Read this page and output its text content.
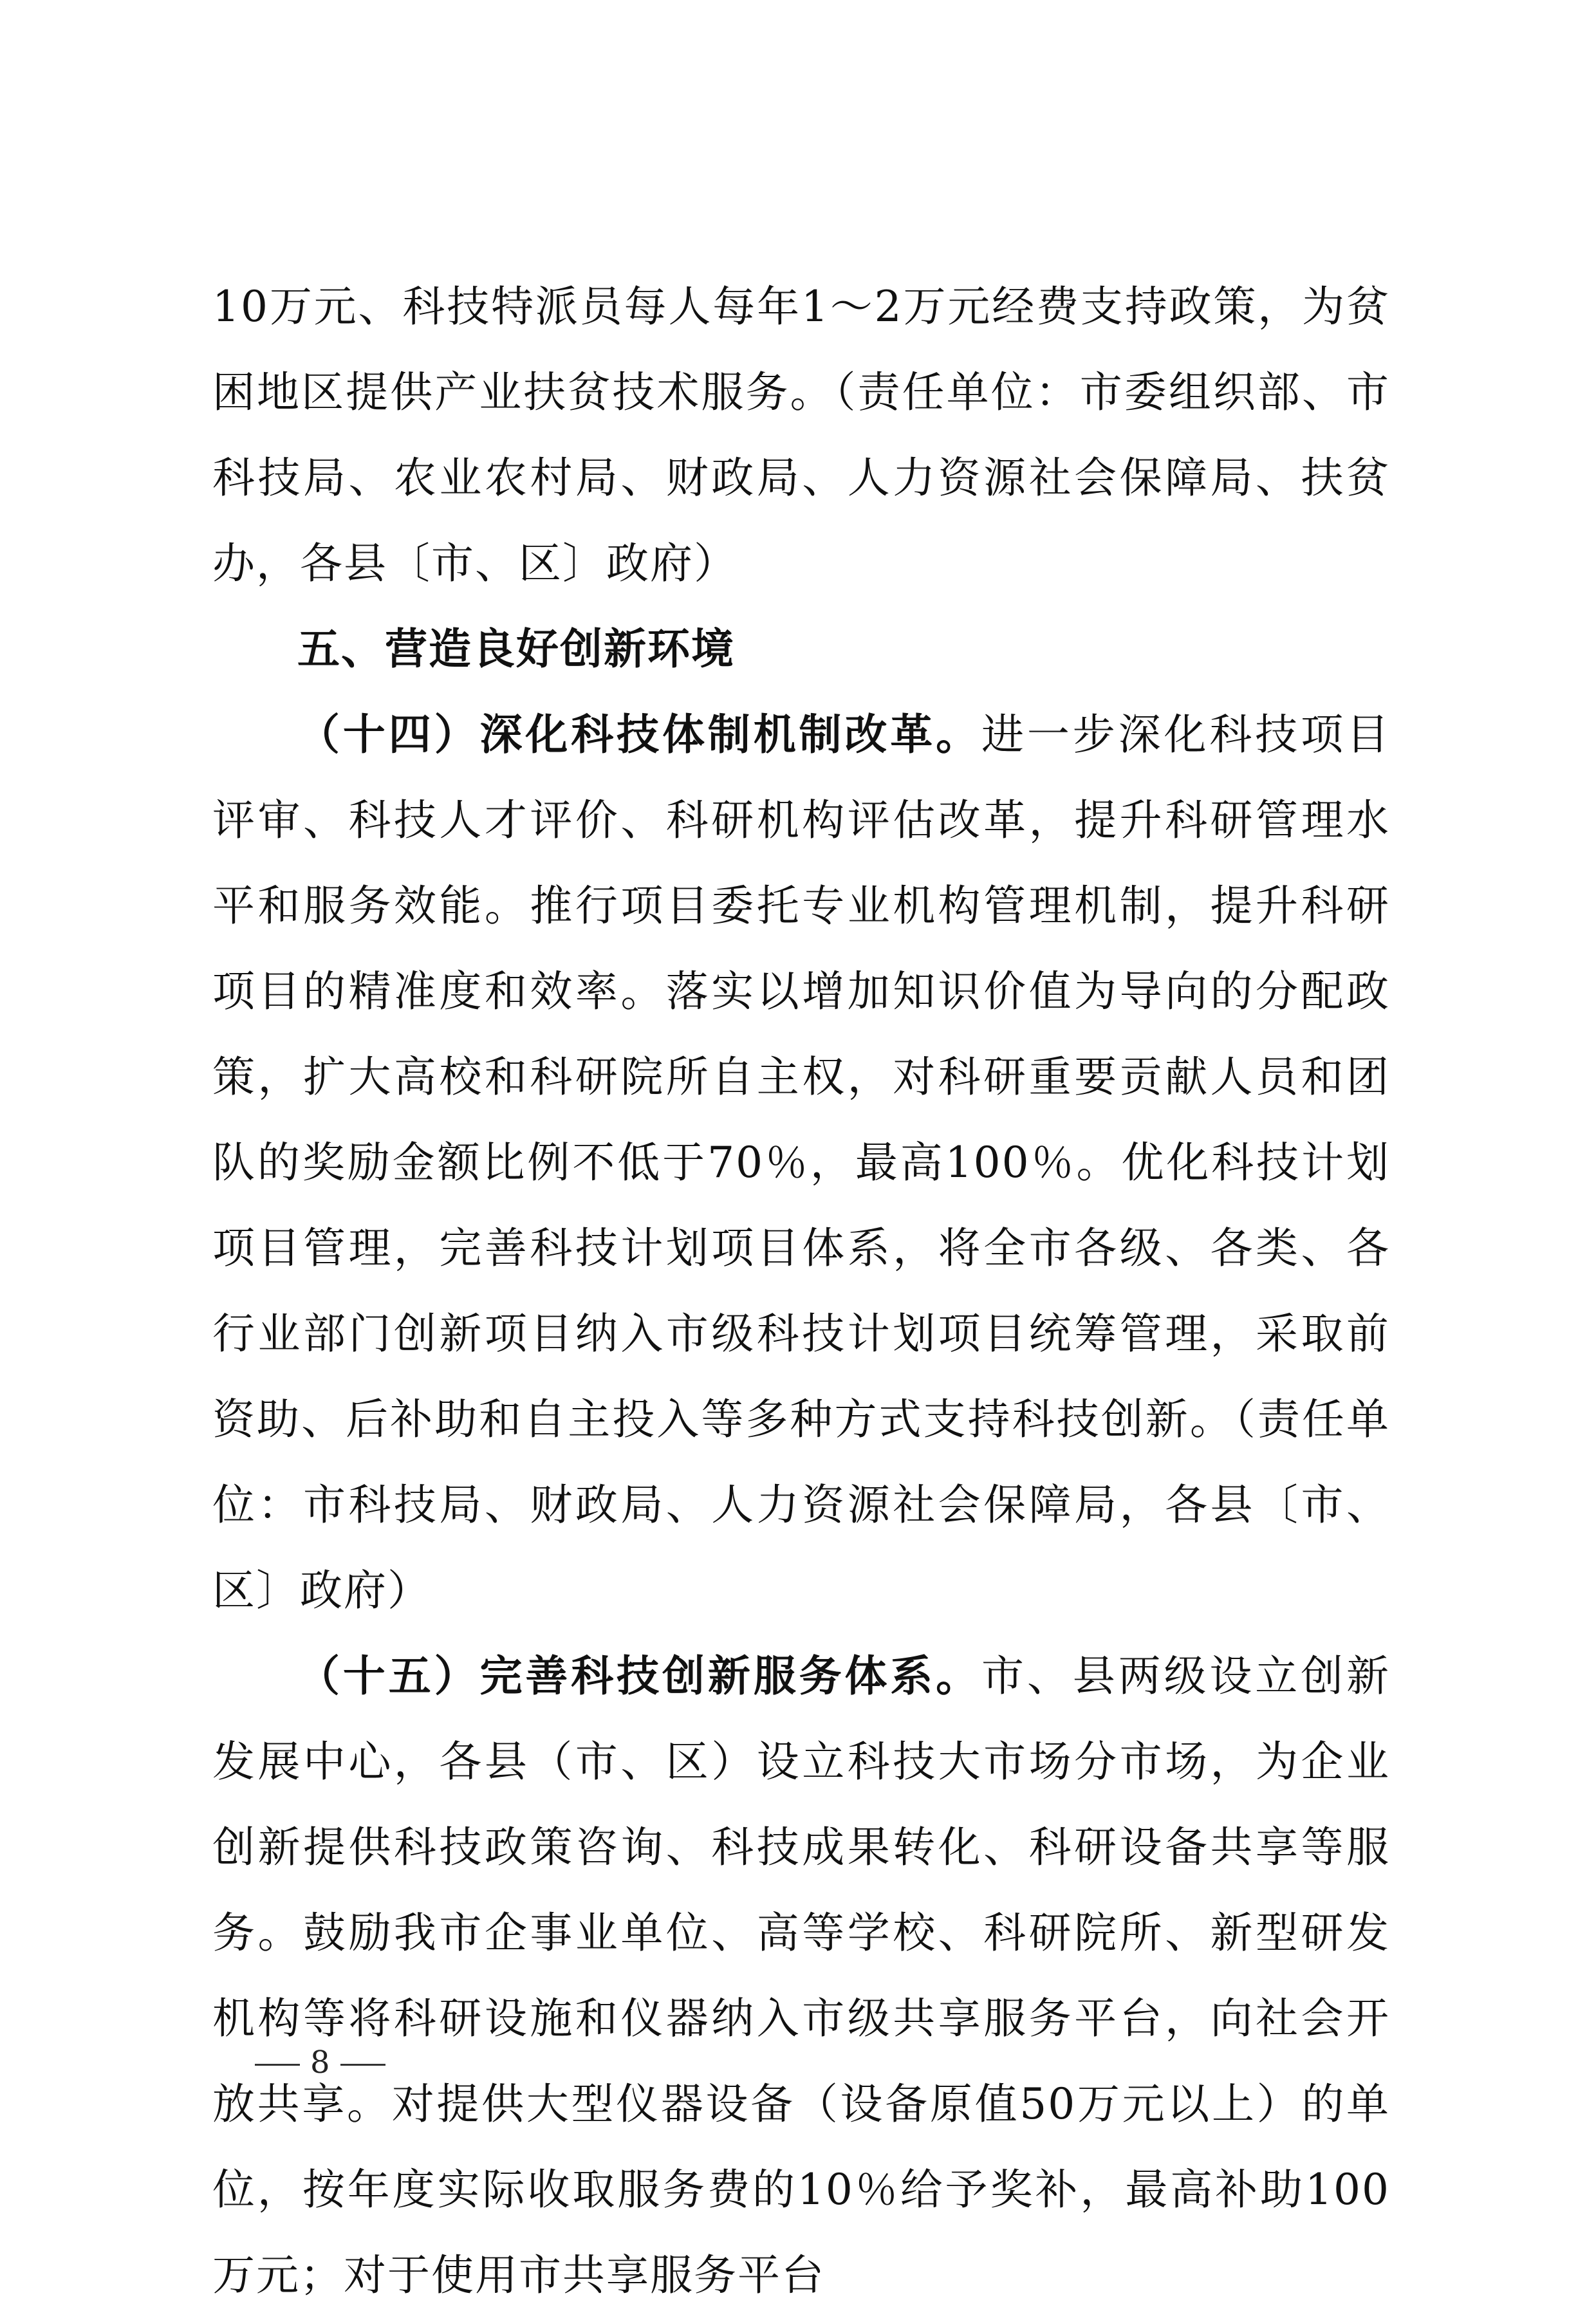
10万元、科技特派员每人每年1～2万元经费支持政策，为贫困地区提供产业扶贫技术服务。（责任单位：市委组织部、市科技局、农业农村局、财政局、人力资源社会保障局、扶贫办，各县〔市、区〕政府）

五、营造良好创新环境

（十四）深化科技体制机制改革。进一步深化科技项目评审、科技人才评价、科研机构评估改革，提升科研管理水平和服务效能。推行项目委托专业机构管理机制，提升科研项目的精准度和效率。落实以增加知识价值为导向的分配政策，扩大高校和科研院所自主权，对科研重要贡献人员和团队的奖励金额比例不低于70％，最高100％。优化科技计划项目管理，完善科技计划项目体系，将全市各级、各类、各行业部门创新项目纳入市级科技计划项目统筹管理，采取前资助、后补助和自主投入等多种方式支持科技创新。（责任单位：市科技局、财政局、人力资源社会保障局，各县〔市、区〕政府）

（十五）完善科技创新服务体系。市、县两级设立创新发展中心，各县（市、区）设立科技大市场分市场，为企业创新提供科技政策咨询、科技成果转化、科研设备共享等服务。鼓励我市企事业单位、高等学校、科研院所、新型研发机构等将科研设施和仪器纳入市级共享服务平台，向社会开放共享。对提供大型仪器设备（设备原值50万元以上）的单位，按年度实际收取服务费的10％给予奖补，最高补助100万元；对于使用市共享服务平台

8
